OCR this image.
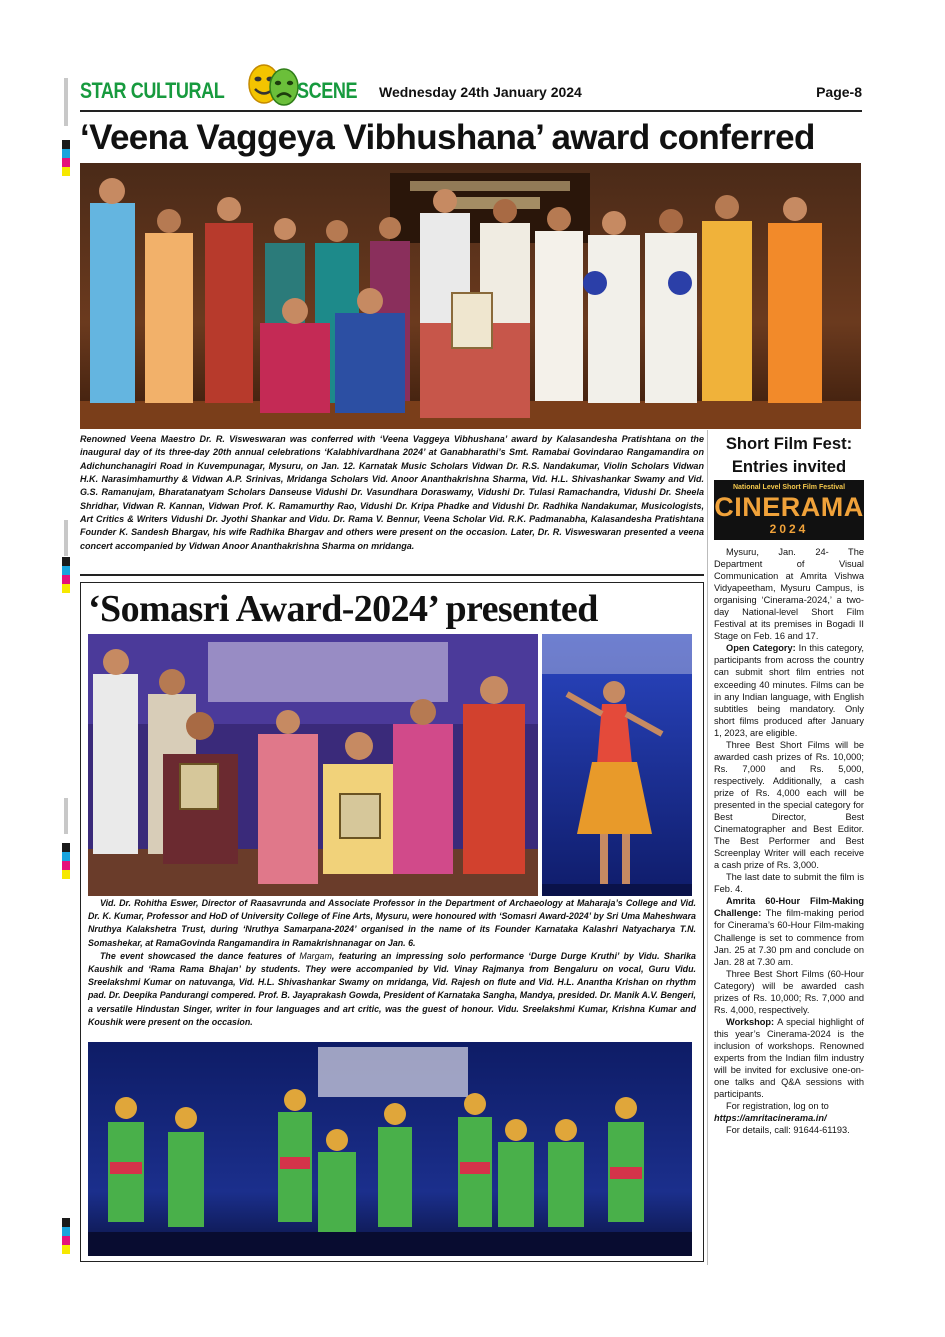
STAR CULTURAL	SCENE Wednesday 24th January 2024	Page-8
‘Veena Vaggeya Vibhushana’ award conferred
Renowned Veena Maestro Dr. R. Visweswaran was conferred with ‘Veena Vaggeya Vibhushana’ award by Kalasandesha Pratishtana on the inaugural day of its three-day 20th annual celebrations ‘Kalabhivardhana 2024’ at Ganabharathi’s Smt. Ramabai Govindarao Rangamandira on Adichunchanagiri Road in Kuvempunagar, Mysuru, on Jan. 12. Karnatak Music Scholars Vidwan Dr. R.S. Nandakumar, Violin Scholars Vidwan H.K. Narasimhamurthy & Vidwan A.P. Srinivas, Mridanga Scholars Vid. Anoor Ananthakrishna Sharma, Vid. H.L. Shivashankar Swamy and Vid. G.S. Ramanujam, Bharatanatyam Scholars Danseuse Vidushi Dr. Vasundhara Doraswamy, Vidushi Dr. Tulasi Ramachandra, Vidushi Dr. Sheela Shridhar, Vidwan R. Kannan, Vidwan Prof. K. Ramamurthy Rao, Vidushi Dr. Kripa Phadke and Vidushi Dr. Radhika Nandakumar, Musicologists, Art Critics & Writers Vidushi Dr. Jyothi Shankar and Vidu. Dr. Rama V. Bennur, Veena Scholar Vid. R.K. Padmanabha, Kalasandesha Pratishtana Founder K. Sandesh Bhargav, his wife Radhika Bhargav and others were present on the occasion. Later, Dr. R. Visweswaran presented a veena concert accompanied by Vidwan Anoor Ananthakrishna Sharma on mridanga.
‘Somasri Award-2024’ presented

Vid. Dr. Rohitha Eswer, Director of Raasavrunda and Associate Professor in the Department of Archaeology at Maharaja’s College and Vid. Dr. K. Kumar, Professor and HoD of University College of Fine Arts, Mysuru, were honoured with ‘Somasri Award-2024’ by Sri Uma Maheshwara Nruthya Kalakshetra Trust, during ‘Nruthya Samarpana-2024’ organised in the name of its Founder Karnataka Kalashri Natyacharya T.N. Somashekar, at RamaGovinda Rangamandira in Ramakrishnanagar on Jan. 6.

The event showcased the dance features of Margam, featuring an impressing solo performance ‘Durge Durge Kruthi’ by Vidu. Sharika Kaushik and ‘Rama Rama Bhajan’ by students. They were accompanied by Vid. Vinay Rajmanya from Bengaluru on vocal, Guru Vidu. Sreelakshmi Kumar on natuvanga, Vid. H.L. Shivashankar Swamy on mridanga, Vid. Rajesh on flute and Vid. H.L. Anantha Krishan on rhythm pad. Dr. Deepika Pandurangi compered. Prof. B. Jayaprakash Gowda, President of Karnataka Sangha, Mandya, presided. Dr. Manik A.V. Bengeri, a versatile Hindustan Singer, writer in four languages and art critic, was the guest of honour. Vidu. Sreelakshmi Kumar, Krishna Kumar and Koushik were present on the occasion.

Short Film Fest: Entries invited
National Level Short Film Festival
CINERAMA
2024

Mysuru, Jan. 24- The Department of Visual Communication at Amrita Vishwa Vidyapeetham, Mysuru Campus, is organising ‘Cinerama-2024,’ a two-day National-level Short Film Festival at its premises in Bogadi II Stage on Feb. 16 and 17.

Open Category: In this category, participants from across the country can submit short film entries not exceeding 40 minutes. Films can be in any Indian language, with English subtitles being mandatory. Only short films produced after January 1, 2023, are eligible.

Three Best Short Films will be awarded cash prizes of Rs. 10,000; Rs. 7,000 and Rs. 5,000, respectively. Additionally, a cash prize of Rs. 4,000 each will be presented in the special category for Best Director, Best Cinematographer and Best Editor. The Best Performer and Best Screenplay Writer will each receive a cash prize of Rs. 3,000.

The last date to submit the film is Feb. 4.

Amrita 60-Hour Film-Making Challenge: The film-making period for Cinerama’s 60-Hour Film-making Challenge is set to commence from Jan. 25 at 7.30 pm and conclude on Jan. 28 at 7.30 am.

Three Best Short Films (60-Hour Category) will be awarded cash prizes of Rs. 10,000; Rs. 7,000 and Rs. 4,000, respectively.

Workshop: A special highlight of this year’s Cinerama-2024 is the inclusion of workshops. Renowned experts from the Indian film industry will be invited for exclusive one-on-one talks and Q&A sessions with participants.

For registration, log on to

https://amritacinerama.in/

For details, call: 91644-61193.
